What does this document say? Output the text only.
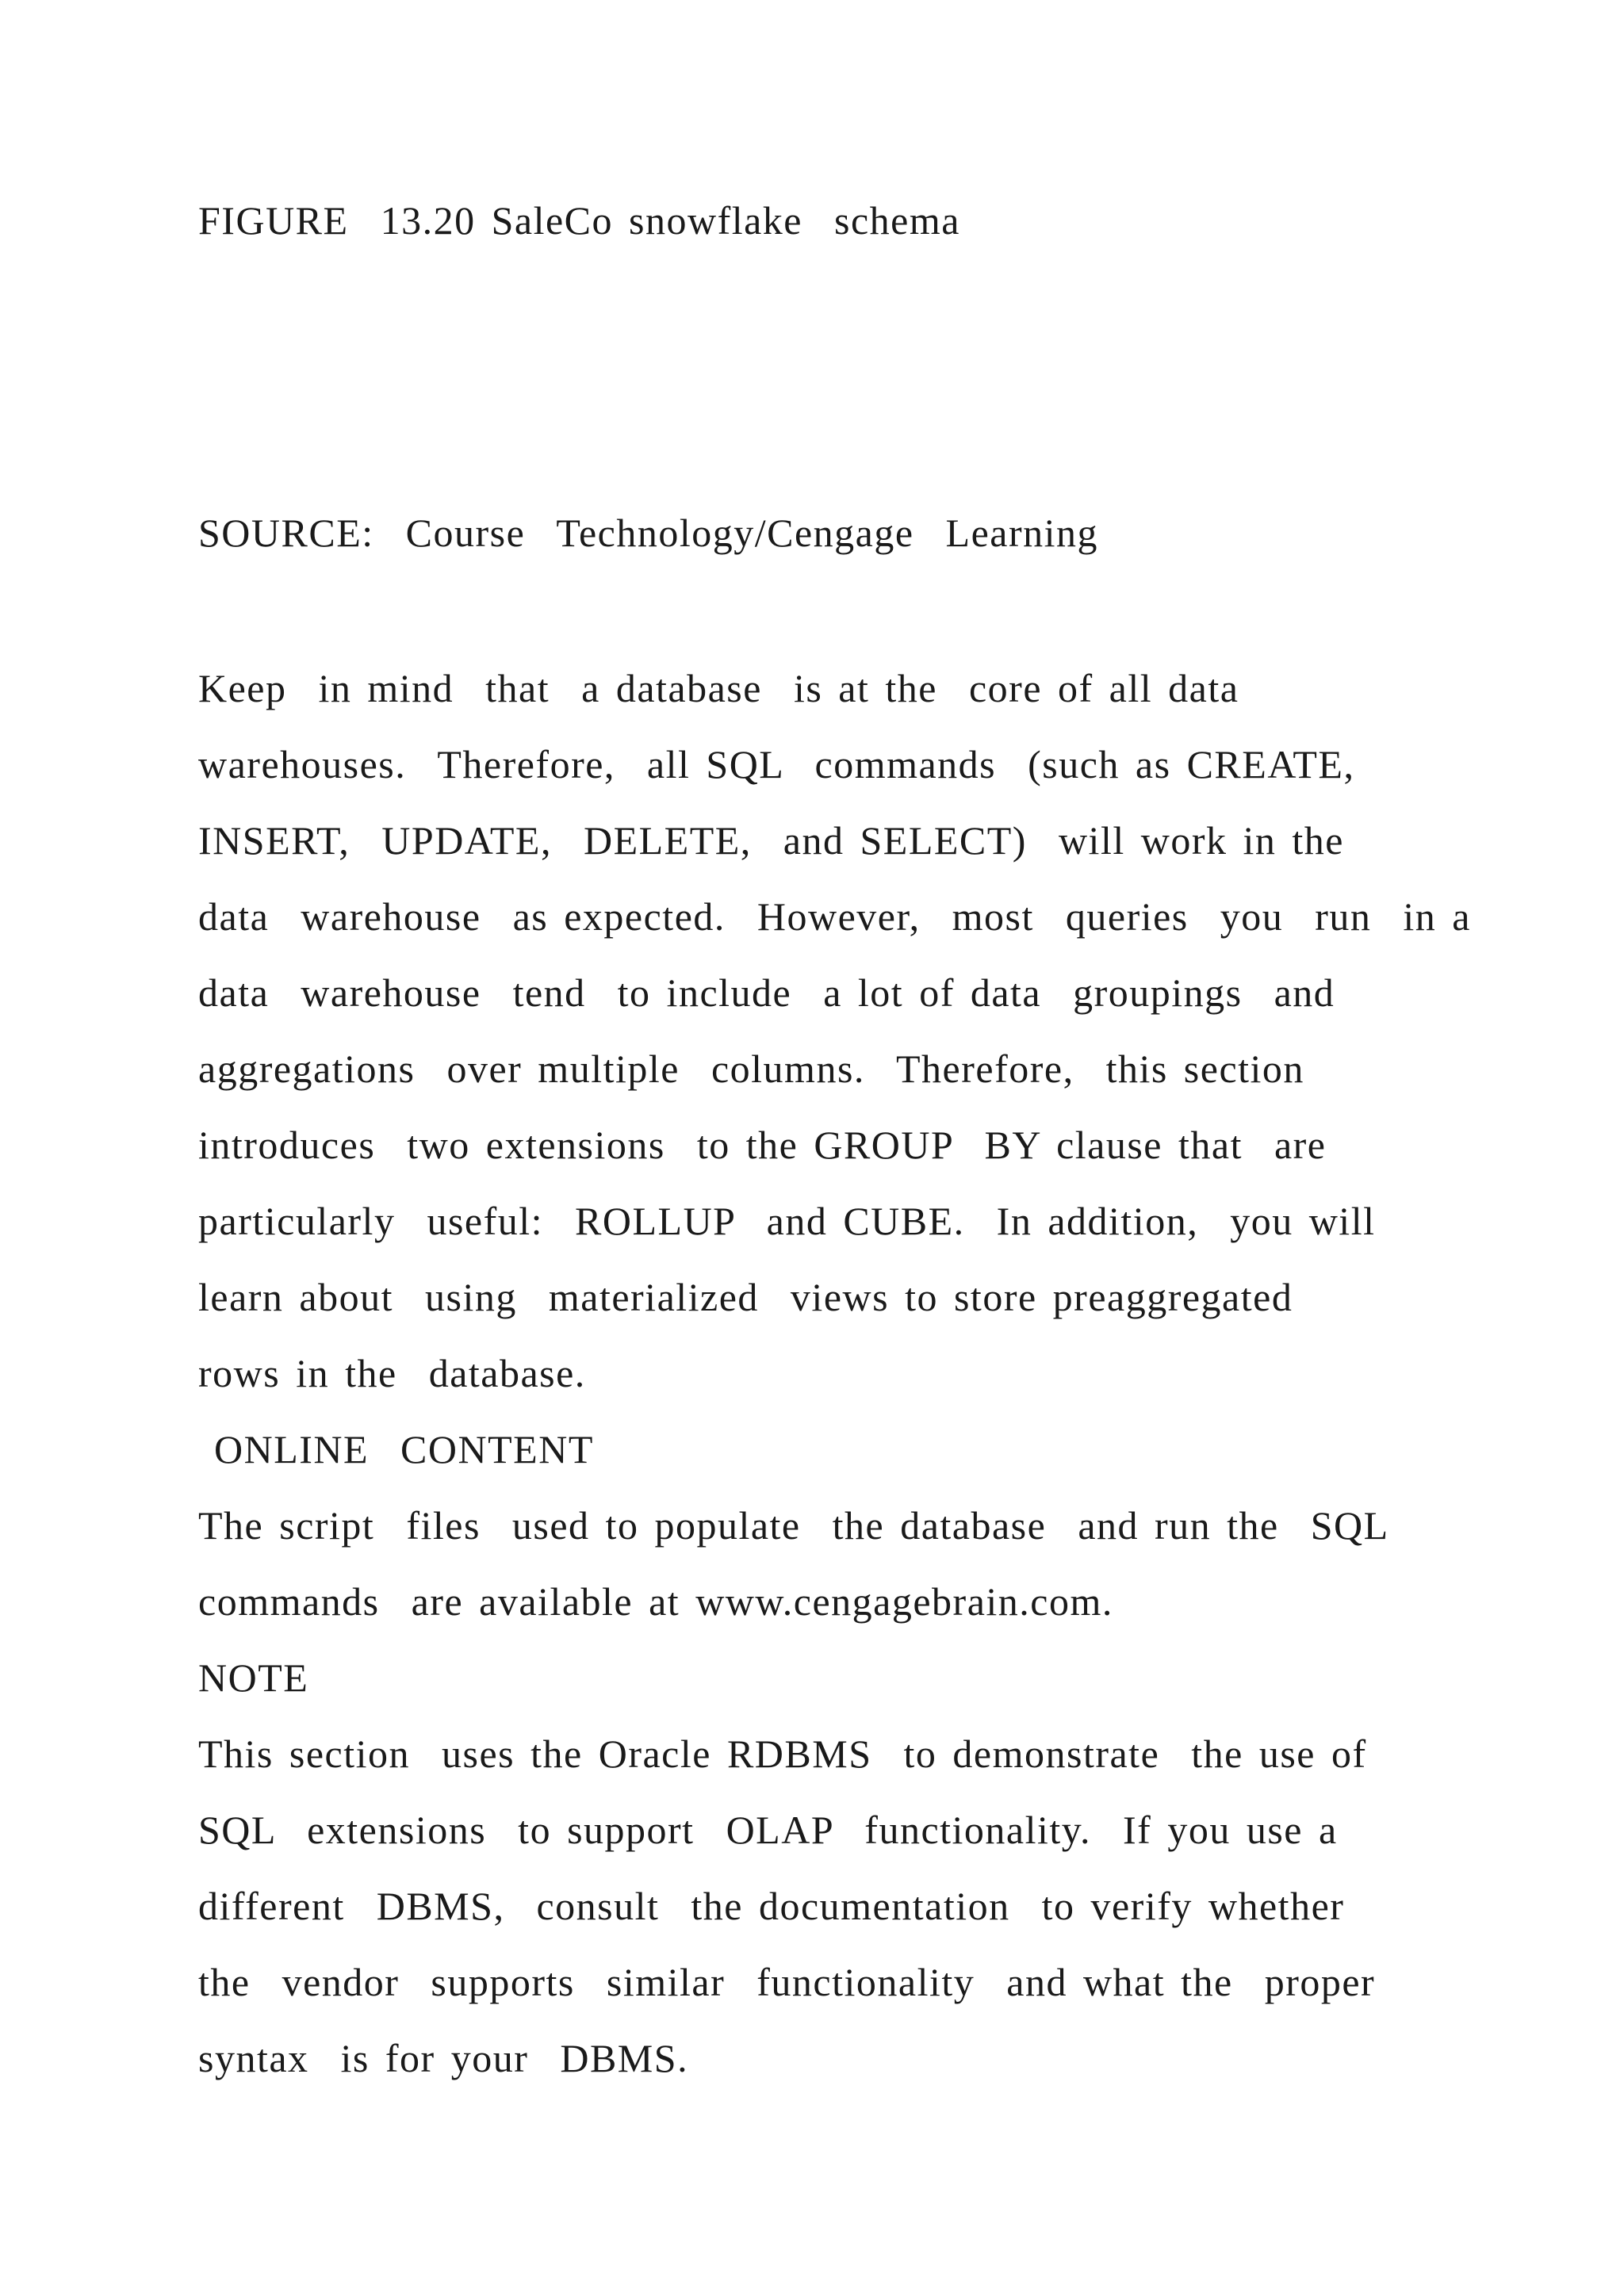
FIGURE  13.20 SaleCo snowflake  schema
SOURCE:  Course  Technology/Cengage  Learning
Keep  in mind  that  a database  is at the  core of all data
warehouses.  Therefore,  all SQL  commands  (such as CREATE,
INSERT,  UPDATE,  DELETE,  and SELECT)  will work in the
data  warehouse  as expected.  However,  most  queries  you  run  in a
data  warehouse  tend  to include  a lot of data  groupings  and
aggregations  over multiple  columns.  Therefore,  this section
introduces  two extensions  to the GROUP  BY clause that  are
particularly  useful:  ROLLUP  and CUBE.  In addition,  you will
learn about  using  materialized  views to store preaggregated
rows in the  database.
ONLINE  CONTENT
The script  files  used to populate  the database  and run the  SQL
commands  are available at www.cengagebrain.com.
NOTE
This section  uses the Oracle RDBMS  to demonstrate  the use of
SQL  extensions  to support  OLAP  functionality.  If you use a
different  DBMS,  consult  the documentation  to verify whether
the  vendor  supports  similar  functionality  and what the  proper
syntax  is for your  DBMS.
